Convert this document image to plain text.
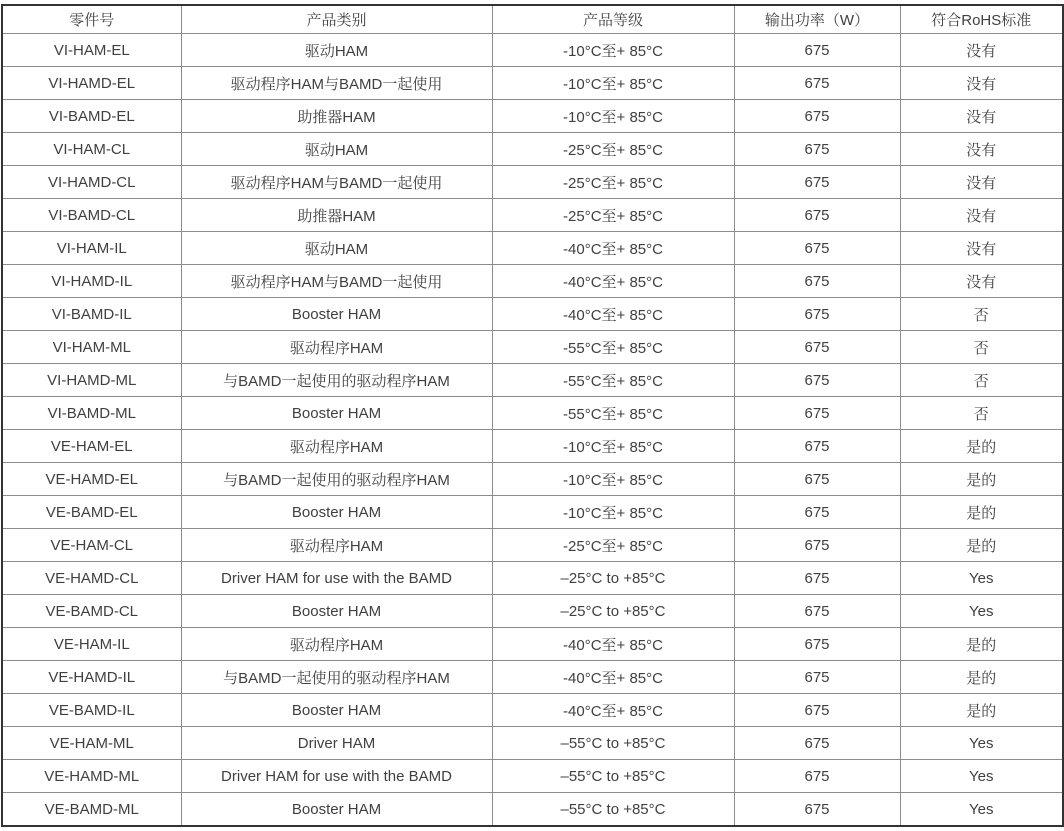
零件号	产品类别	产品等级	输出功率（W）	符合RoHS标准
VI-HAM-EL	驱动HAM	-10°C至+ 85°C	675	没有
VI-HAMD-EL	驱动程序HAM与BAMD一起使用	-10°C至+ 85°C	675	没有
VI-BAMD-EL	助推器HAM	-10°C至+ 85°C	675	没有
VI-HAM-CL	驱动HAM	-25°C至+ 85°C	675	没有
VI-HAMD-CL	驱动程序HAM与BAMD一起使用	-25°C至+ 85°C	675	没有
VI-BAMD-CL	助推器HAM	-25°C至+ 85°C	675	没有
VI-HAM-IL	驱动HAM	-40°C至+ 85°C	675	没有
VI-HAMD-IL	驱动程序HAM与BAMD一起使用	-40°C至+ 85°C	675	没有
VI-BAMD-IL	Booster HAM	-40°C至+ 85°C	675	否
VI-HAM-ML	驱动程序HAM	-55°C至+ 85°C	675	否
VI-HAMD-ML	与BAMD一起使用的驱动程序HAM	-55°C至+ 85°C	675	否
VI-BAMD-ML	Booster HAM	-55°C至+ 85°C	675	否
VE-HAM-EL	驱动程序HAM	-10°C至+ 85°C	675	是的
VE-HAMD-EL	与BAMD一起使用的驱动程序HAM	-10°C至+ 85°C	675	是的
VE-BAMD-EL	Booster HAM	-10°C至+ 85°C	675	是的
VE-HAM-CL	驱动程序HAM	-25°C至+ 85°C	675	是的
VE-HAMD-CL	Driver HAM for use with the BAMD	–25°C to +85°C	675	Yes
VE-BAMD-CL	Booster HAM	–25°C to +85°C	675	Yes
VE-HAM-IL	驱动程序HAM	-40°C至+ 85°C	675	是的
VE-HAMD-IL	与BAMD一起使用的驱动程序HAM	-40°C至+ 85°C	675	是的
VE-BAMD-IL	Booster HAM	-40°C至+ 85°C	675	是的
VE-HAM-ML	Driver HAM	–55°C to +85°C	675	Yes
VE-HAMD-ML	Driver HAM for use with the BAMD	–55°C to +85°C	675	Yes
VE-BAMD-ML	Booster HAM	–55°C to +85°C	675	Yes
